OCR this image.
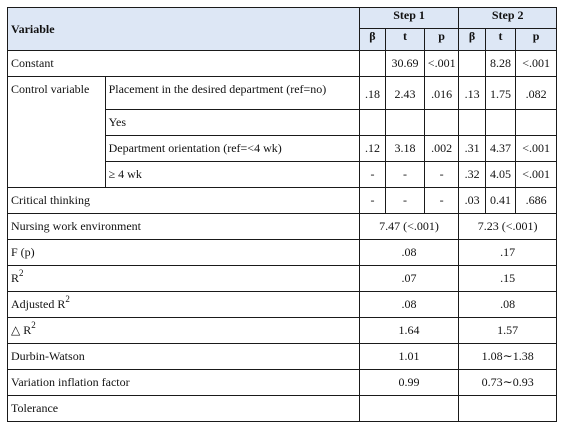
Variable		Step 1			Step 2		
		β	t	p	β	t	p
Constant			30.69	<.001		8.28	<.001
Control variable	Placement in the desired department (ref=no)	.18	2.43	.016	.13	1.75	.082
	Yes						
	Department orientation (ref=<4 wk)	.12	3.18	.002	.31	4.37	<.001
	≥ 4 wk	-	-	-	.32	4.05	<.001
Critical thinking		-	-	-	.03	0.41	.686
Nursing work environment		7.47 (<.001)			7.23 (<.001)		
F (p)		.08			.17		
$R^2$		.07			.15		
Adjusted $R^2$		.08			.08		
△ $R^2$		1.64			1.57		
Durbin-Watson		1.01			1.08∼1.38		
Variation inflation factor		0.99			0.73∼0.93		
Tolerance							
